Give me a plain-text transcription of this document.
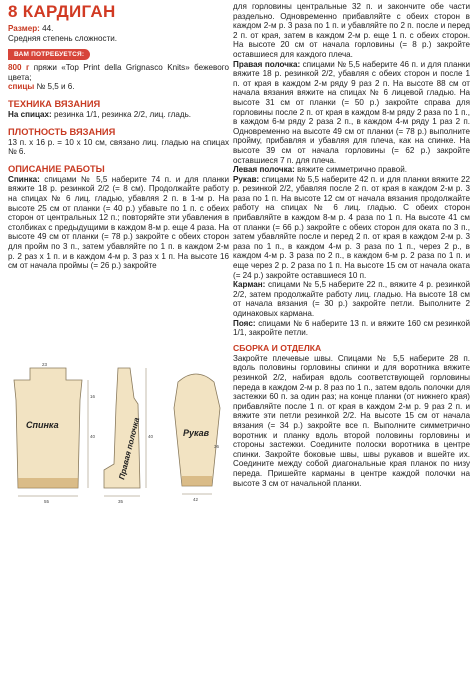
8 КАРДИГАН

Размер: 44.

Средняя степень сложности.

ВАМ ПОТРЕБУЕТСЯ:

800 г пряжи «Top Print della Grignasco Knits» бежевого цвета;

спицы № 5,5 и 6.

ТЕХНИКА ВЯЗАНИЯ

На спицах: резинка 1/1, резинка 2/2, лиц. гладь.

ПЛОТНОСТЬ ВЯЗАНИЯ

13 п. x 16 р. = 10 x 10 см, связано лиц. гладью на спицах № 6.

ОПИСАНИЕ РАБОТЫ

Спинка: спицами № 5,5 наберите 74 п. и для планки вяжите 18 р. резинкой 2/2 (= 8 см). Продолжайте работу на спицах № 6 лиц. гладью, убавляя 2 п. в 1-м р. На высоте 25 см от планки (= 40 р.) убавьте по 1 п. с обеих сторон от центральных 12 п.; повторяйте эти убавления в столбиках с предыдущими в каждом 8-м р. еще 4 раза. На высоте 49 см от планки (= 78 р.) закройте с обеих сторон для пройм по 3 п., затем убавляйте по 1 п. в каждом 2-м р. 2 раз x 1 п. и в каждом 4-м р. 3 раз x 1 п. На высоте 16 см от начала проймы (= 26 р.) закройте

Спинка	Правая полочка	Рукав
55	35	42
23
40	40
16
36

для горловины центральные 32 п. и закончите обе части раздельно. Одновременно прибавляйте с обеих сторон в каждом 2-м р. 3 раза по 1 п. и убавляйте по 2 п. после и перед 2 п. от края, затем в каждом 2-м р. еще 1 п. с обеих сторон. На высоте 20 см от начала горловины (= 8 р.) закройте оставшиеся для каждого плеча.

Правая полочка: спицами № 5,5 наберите 46 п. и для планки вяжите 18 р. резинкой 2/2, убавляя с обеих сторон и после 1 п. от края в каждом 2-м ряду 9 раз 2 п. На высоте 88 см от начала вязания вяжите на спицах № 6 лицевой гладью. На высоте 31 см от планки (= 50 р.) закройте справа для горловины после 2 п. от края в каждом 8-м ряду 2 раза по 1 п., в каждом 6-м ряду 2 раза 2 п., в каждом 4-м ряду 1 раз 2 п. Одновременно на высоте 49 см от планки (= 78 р.) выполните пройму, прибавляя и убавляя для плеча, как на спинке. На высоте 39 см от начала горловины (= 62 р.) закройте оставшиеся 7 п. для плеча.

Левая полочка: вяжите симметрично правой.

Рукав: спицами № 5,5 наберите 42 п. и для планки вяжите 22 р. резинкой 2/2, убавляя после 2 п. от края в каждом 2-м р. 3 раза по 1 п. На высоте 12 см от начала вязания продолжайте работу на спицах № 6 лиц. гладью. С обеих сторон прибавляйте в каждом 8-м р. 4 раза по 1 п. На высоте 41 см от планки (= 66 р.) закройте с обеих сторон для оката по 3 п., затем убавляйте после и перед 2 п. от края в каждом 2-м р. 3 раза по 1 п., в каждом 4-м р. 3 раза по 1 п., через 2 р., в каждом 4-м р. 3 раза по 2 п., в каждом 6-м р. 2 раза по 1 п. и еще через 2 р. 2 раза по 1 п. На высоте 15 см от начала оката (= 24 р.) закройте оставшиеся 10 п.

Карман: спицами № 5,5 наберите 22 п., вяжите 4 р. резинкой 2/2, затем продолжайте работу лиц. гладью. На высоте 18 см от начала вязания (= 30 р.) закройте петли. Выполните 2 одинаковых кармана.

Пояс: спицами № 6 наберите 13 п. и вяжите 160 см резинкой 1/1, закройте петли.

СБОРКА И ОТДЕЛКА

Закройте плечевые швы. Спицами № 5,5 наберите 28 п. вдоль половины горловины спинки и для воротника вяжите резинкой 2/2, набирая вдоль соответствующей горловины переда в каждом 2-м р. 8 раз по 1 п., затем вдоль полочки для застежки 60 п. за один раз; на конце планки (от нижнего края) прибавляйте после 1 п. от края в каждом 2-м р. 9 раз 2 п. и вяжите эти петли резинкой 2/2. На высоте 15 см от начала вязания (= 34 р.) закройте все п. Выполните симметрично воротник и планку вдоль второй половины горловины и стороны застежки. Соедините полоски воротника в центре спинки. Закройте боковые швы, швы рукавов и вшейте их. Соедините между собой диагональные края планок по низу переда. Пришейте карманы в центре каждой полочки на высоте 3 см от начальной планки.
